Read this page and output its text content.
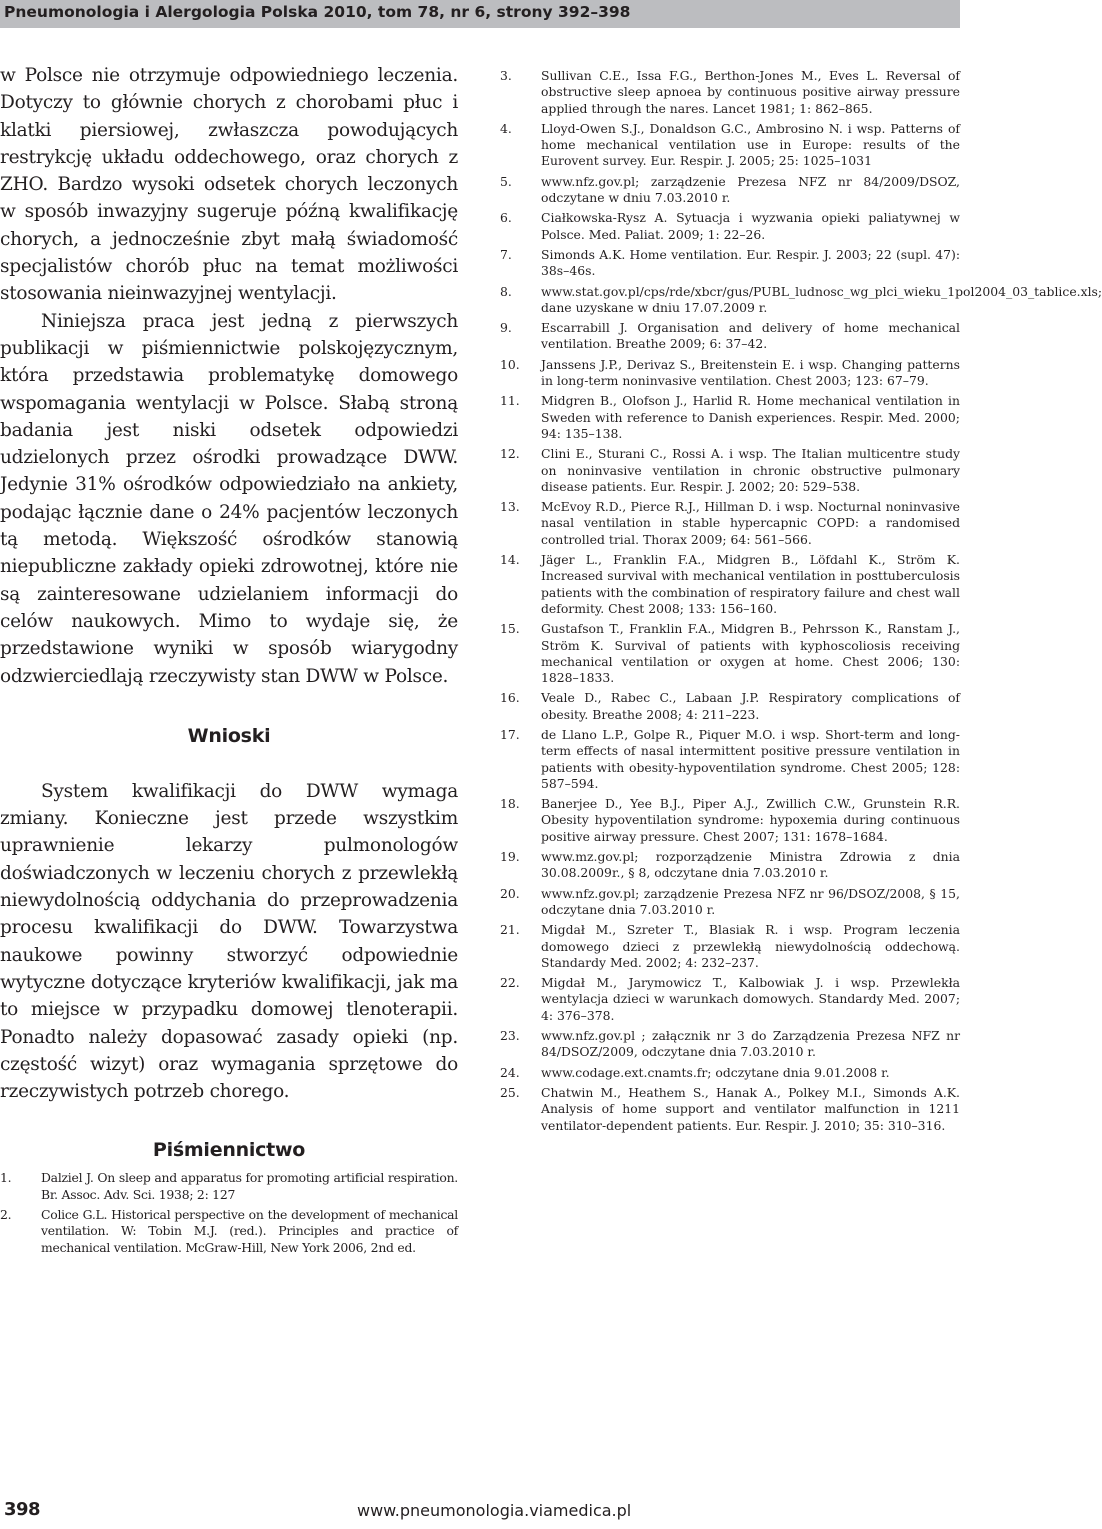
Pneumonologia i Alergologia Polska 2010, tom 78, nr 6, strony 392–398

w Polsce nie otrzymuje odpowiedniego leczenia. Dotyczy to głównie chorych z chorobami płuc i klatki piersiowej, zwłaszcza powodujących restrykcję układu oddechowego, oraz chorych z ZHO. Bardzo wysoki odsetek chorych leczonych w sposób inwazyjny sugeruje późną kwalifikację chorych, a jednocześnie zbyt małą świadomość specjalistów chorób płuc na temat możliwości stosowania nieinwazyjnej wentylacji.

Niniejsza praca jest jedną z pierwszych publikacji w piśmiennictwie polskojęzycznym, która przedstawia problematykę domowego wspomagania wentylacji w Polsce. Słabą stroną badania jest niski odsetek odpowiedzi udzielonych przez ośrodki prowadzące DWW. Jedynie 31% ośrodków odpowiedziało na ankiety, podając łącznie dane o 24% pacjentów leczonych tą metodą. Większość ośrodków stanowią niepubliczne zakłady opieki zdrowotnej, które nie są zainteresowane udzielaniem informacji do celów naukowych. Mimo to wydaje się, że przedstawione wyniki w sposób wiarygodny odzwierciedlają rzeczywisty stan DWW w Polsce.

Wnioski

System kwalifikacji do DWW wymaga zmiany. Konieczne jest przede wszystkim uprawnienie lekarzy pulmonologów doświadczonych w leczeniu chorych z przewlekłą niewydolnością oddychania do przeprowadzenia procesu kwalifikacji do DWW. Towarzystwa naukowe powinny stworzyć odpowiednie wytyczne dotyczące kryteriów kwalifikacji, jak ma to miejsce w przypadku domowej tlenoterapii. Ponadto należy dopasować zasady opieki (np. częstość wizyt) oraz wymagania sprzętowe do rzeczywistych potrzeb chorego.

Piśmiennictwo
1.	Dalziel J. On sleep and apparatus for promoting artificial respiration. Br. Assoc. Adv. Sci. 1938; 2: 127
2.	Colice G.L. Historical perspective on the development of mechanical ventilation. W: Tobin M.J. (red.). Principles and practice of mechanical ventilation. McGraw-Hill, New York 2006, 2nd ed.
3.	Sullivan C.E., Issa F.G., Berthon-Jones M., Eves L. Reversal of obstructive sleep apnoea by continuous positive airway pressure applied through the nares. Lancet 1981; 1: 862–865.
4.	Lloyd-Owen S.J., Donaldson G.C., Ambrosino N. i wsp. Patterns of home mechanical ventilation use in Europe: results of the Eurovent survey. Eur. Respir. J. 2005; 25: 1025–1031
5.	www.nfz.gov.pl; zarządzenie Prezesa NFZ nr 84/2009/DSOZ, odczytane w dniu 7.03.2010 r.
6.	Ciałkowska-Rysz A. Sytuacja i wyzwania opieki paliatywnej w Polsce. Med. Paliat. 2009; 1: 22–26.
7.	Simonds A.K. Home ventilation. Eur. Respir. J. 2003; 22 (supl. 47): 38s–46s.
8.	www.stat.gov.pl/cps/rde/xbcr/gus/PUBL_ludnosc_wg_plci_wieku_1pol2004_03_tablice.xls; dane uzyskane w dniu 17.07.2009 r.
9.	Escarrabill J. Organisation and delivery of home mechanical ventilation. Breathe 2009; 6: 37–42.
10.	Janssens J.P., Derivaz S., Breitenstein E. i wsp. Changing patterns in long-term noninvasive ventilation. Chest 2003; 123: 67–79.
11.	Midgren B., Olofson J., Harlid R. Home mechanical ventilation in Sweden with reference to Danish experiences. Respir. Med. 2000; 94: 135–138.
12.	Clini E., Sturani C., Rossi A. i wsp. The Italian multicentre study on noninvasive ventilation in chronic obstructive pulmonary disease patients. Eur. Respir. J. 2002; 20: 529–538.
13.	McEvoy R.D., Pierce R.J., Hillman D. i wsp. Nocturnal noninvasive nasal ventilation in stable hypercapnic COPD: a randomised controlled trial. Thorax 2009; 64: 561–566.
14.	Jäger L., Franklin F.A., Midgren B., Löfdahl K., Ström K. Increased survival with mechanical ventilation in posttuberculosis patients with the combination of respiratory failure and chest wall deformity. Chest 2008; 133: 156–160.
15.	Gustafson T., Franklin F.A., Midgren B., Pehrsson K., Ranstam J., Ström K. Survival of patients with kyphoscoliosis receiving mechanical ventilation or oxygen at home. Chest 2006; 130: 1828–1833.
16.	Veale D., Rabec C., Labaan J.P. Respiratory complications of obesity. Breathe 2008; 4: 211–223.
17.	de Llano L.P., Golpe R., Piquer M.O. i wsp. Short-term and long-term effects of nasal intermittent positive pressure ventilation in patients with obesity-hypoventilation syndrome. Chest 2005; 128: 587–594.
18.	Banerjee D., Yee B.J., Piper A.J., Zwillich C.W., Grunstein R.R. Obesity hypoventilation syndrome: hypoxemia during continuous positive airway pressure. Chest 2007; 131: 1678–1684.
19.	www.mz.gov.pl; rozporządzenie Ministra Zdrowia z dnia 30.08.2009r., § 8, odczytane dnia 7.03.2010 r.
20.	www.nfz.gov.pl; zarządzenie Prezesa NFZ nr 96/DSOZ/2008, § 15, odczytane dnia 7.03.2010 r.
21.	Migdał M., Szreter T., Blasiak R. i wsp. Program leczenia domowego dzieci z przewlekłą niewydolnością oddechową. Standardy Med. 2002; 4: 232–237.
22.	Migdał M., Jarymowicz T., Kalbowiak J. i wsp. Przewlekła wentylacja dzieci w warunkach domowych. Standardy Med. 2007; 4: 376–378.
23.	www.nfz.gov.pl ; załącznik nr 3 do Zarządzenia Prezesa NFZ nr 84/DSOZ/2009, odczytane dnia 7.03.2010 r.
24.	www.codage.ext.cnamts.fr; odczytane dnia 9.01.2008 r.
25.	Chatwin M., Heathem S., Hanak A., Polkey M.I., Simonds A.K. Analysis of home support and ventilator malfunction in 1211 ventilator-dependent patients. Eur. Respir. J. 2010; 35: 310–316.
398	www.pneumonologia.viamedica.pl
